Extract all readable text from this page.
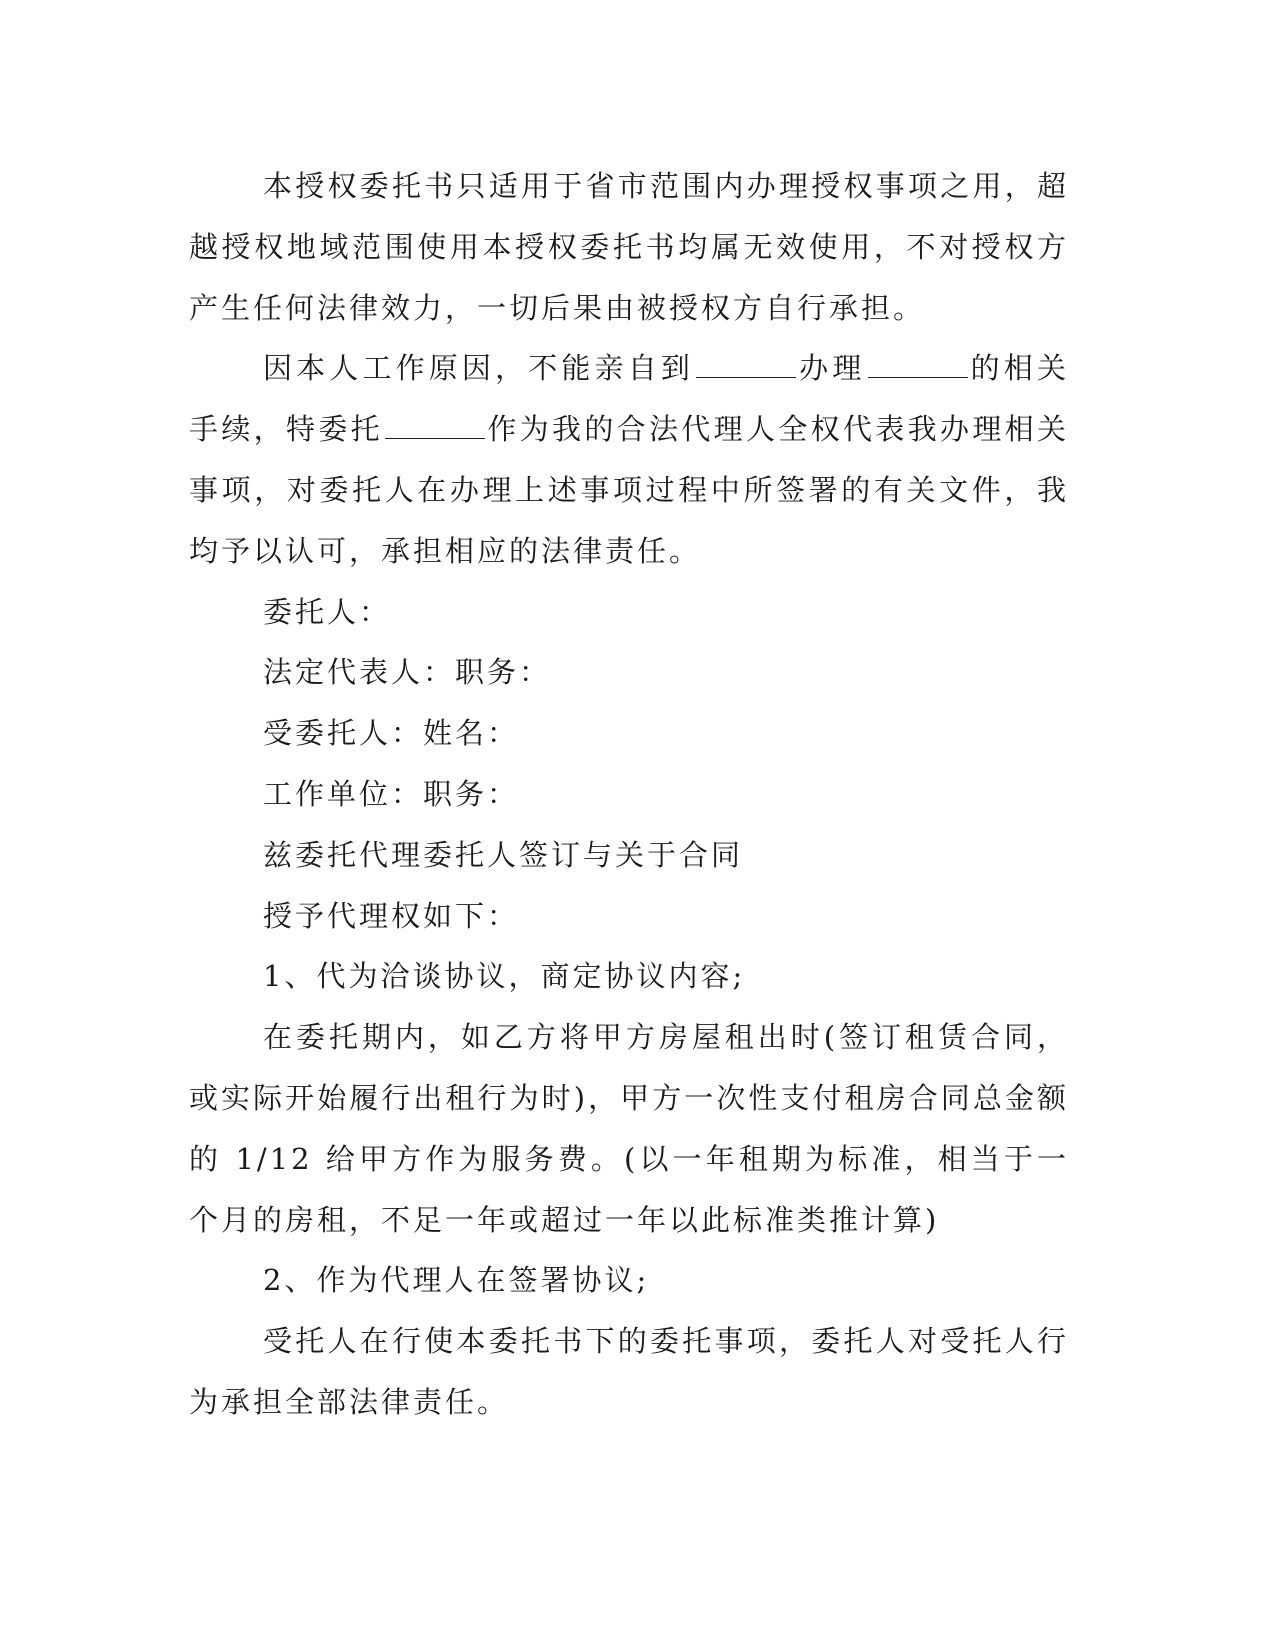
本授权委托书只适用于省市范围内办理授权事项之用，超越授权地域范围使用本授权委托书均属无效使用，不对授权方产生任何法律效力，一切后果由被授权方自行承担。

因本人工作原因，不能亲自到	办理	的相关手续，特委托	作为我的合法代理人全权代表我办理相关事项，对委托人在办理上述事项过程中所签署的有关文件，我均予以认可，承担相应的法律责任。

委托人：

法定代表人：职务：

受委托人：姓名：

工作单位：职务：

兹委托代理委托人签订与关于合同

授予代理权如下：

1、代为洽谈协议，商定协议内容;

在委托期内，如乙方将甲方房屋租出时(签订租赁合同，或实际开始履行出租行为时)，甲方一次性支付租房合同总金额的 1/12 给甲方作为服务费。(以一年租期为标准，相当于一个月的房租，不足一年或超过一年以此标准类推计算)

2、作为代理人在签署协议;

受托人在行使本委托书下的委托事项，委托人对受托人行为承担全部法律责任。
